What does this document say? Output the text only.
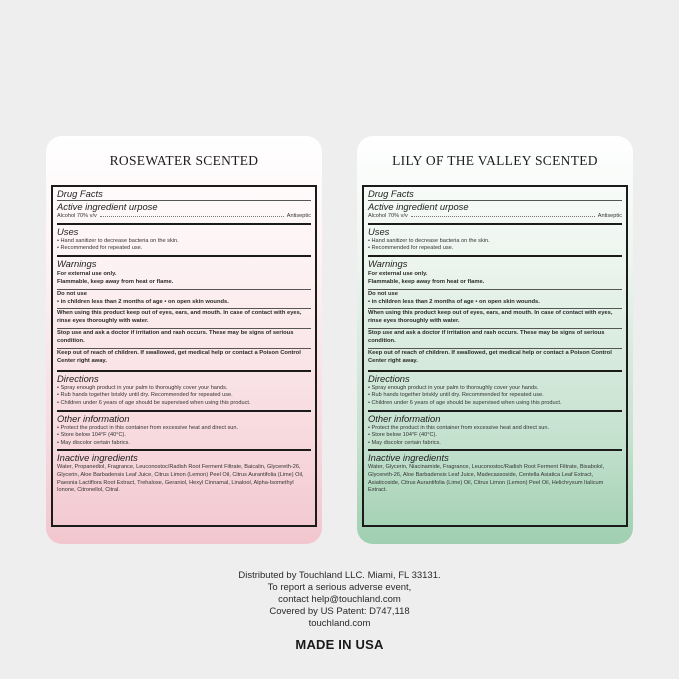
ROSEWATER SCENTED
Drug Facts
Active ingredient urpose
Alcohol 70% v/v	Antiseptic
Uses
• Hand sanitizer to decrease bacteria on the skin.
• Recommended for repeated use.
Warnings
For external use only.
Flammable, keep away from heat or flame.
Do not use
• in children less than 2 months of age • on open skin wounds.
When using this product keep out of eyes, ears, and mouth. In case of contact with eyes, rinse eyes thoroughly with water.
Stop use and ask a doctor if irritation and rash occurs. These may be signs of serious condition.
Keep out of reach of children. If swallowed, get medical help or contact a Poison Control Center right away.
Directions
• Spray enough product in your palm to thoroughly cover your hands.
• Rub hands together briskly until dry. Recommended for repeated use.
• Children under 6 years of age should be supervised when using this product.
Other information
• Protect the product in this container from excessive heat and direct sun.
• Store below 104°F (40°C).
• May discolor certain fabrics.
Inactive ingredients
Water, Propanediol, Fragrance, Leuconostoc/Radish Root Ferment Filtrate, Baicalin, Glycereth-26, Glycerin, Aloe Barbadensis Leaf Juice, Citrus Limon (Lemon) Peel Oil, Citrus Aurantifolia (Lime) Oil, Paeonia Lactiflora Root Extract, Trehalose, Geraniol, Hexyl Cinnamal, Linalool, Alpha-Isomethyl Ionone, Citronellol, Citral.
LILY OF THE VALLEY SCENTED
Drug Facts
Active ingredient urpose
Alcohol 70% v/v	Antiseptic
Uses
• Hand sanitizer to decrease bacteria on the skin.
• Recommended for repeated use.
Warnings
For external use only.
Flammable, keep away from heat or flame.
Do not use
• in children less than 2 months of age • on open skin wounds.
When using this product keep out of eyes, ears, and mouth. In case of contact with eyes, rinse eyes thoroughly with water.
Stop use and ask a doctor if irritation and rash occurs. These may be signs of serious condition.
Keep out of reach of children. If swallowed, get medical help or contact a Poison Control Center right away.
Directions
• Spray enough product in your palm to thoroughly cover your hands.
• Rub hands together briskly until dry. Recommended for repeated use.
• Children under 6 years of age should be supervised when using this product.
Other information
• Protect the product in this container from excessive heat and direct sun.
• Store below 104°F (40°C).
• May discolor certain fabrics.
Inactive ingredients
Water, Glycerin, Niacinamide, Fragrance, Leuconostoc/Radish Root Ferment Filtrate, Bisabolol, Glycereth-26, Aloe Barbadensis Leaf Juice, Madecassoside, Centella Asiatica Leaf Extract, Asiaticoside, Citrus Aurantifolia (Lime) Oil, Citrus Limon (Lemon) Peel Oil, Helichrysum Italicum Extract.
Distributed by Touchland LLC. Miami, FL 33131.
To report a serious adverse event,
contact help@touchland.com
Covered by US Patent: D747,118
touchland.com
MADE IN USA
